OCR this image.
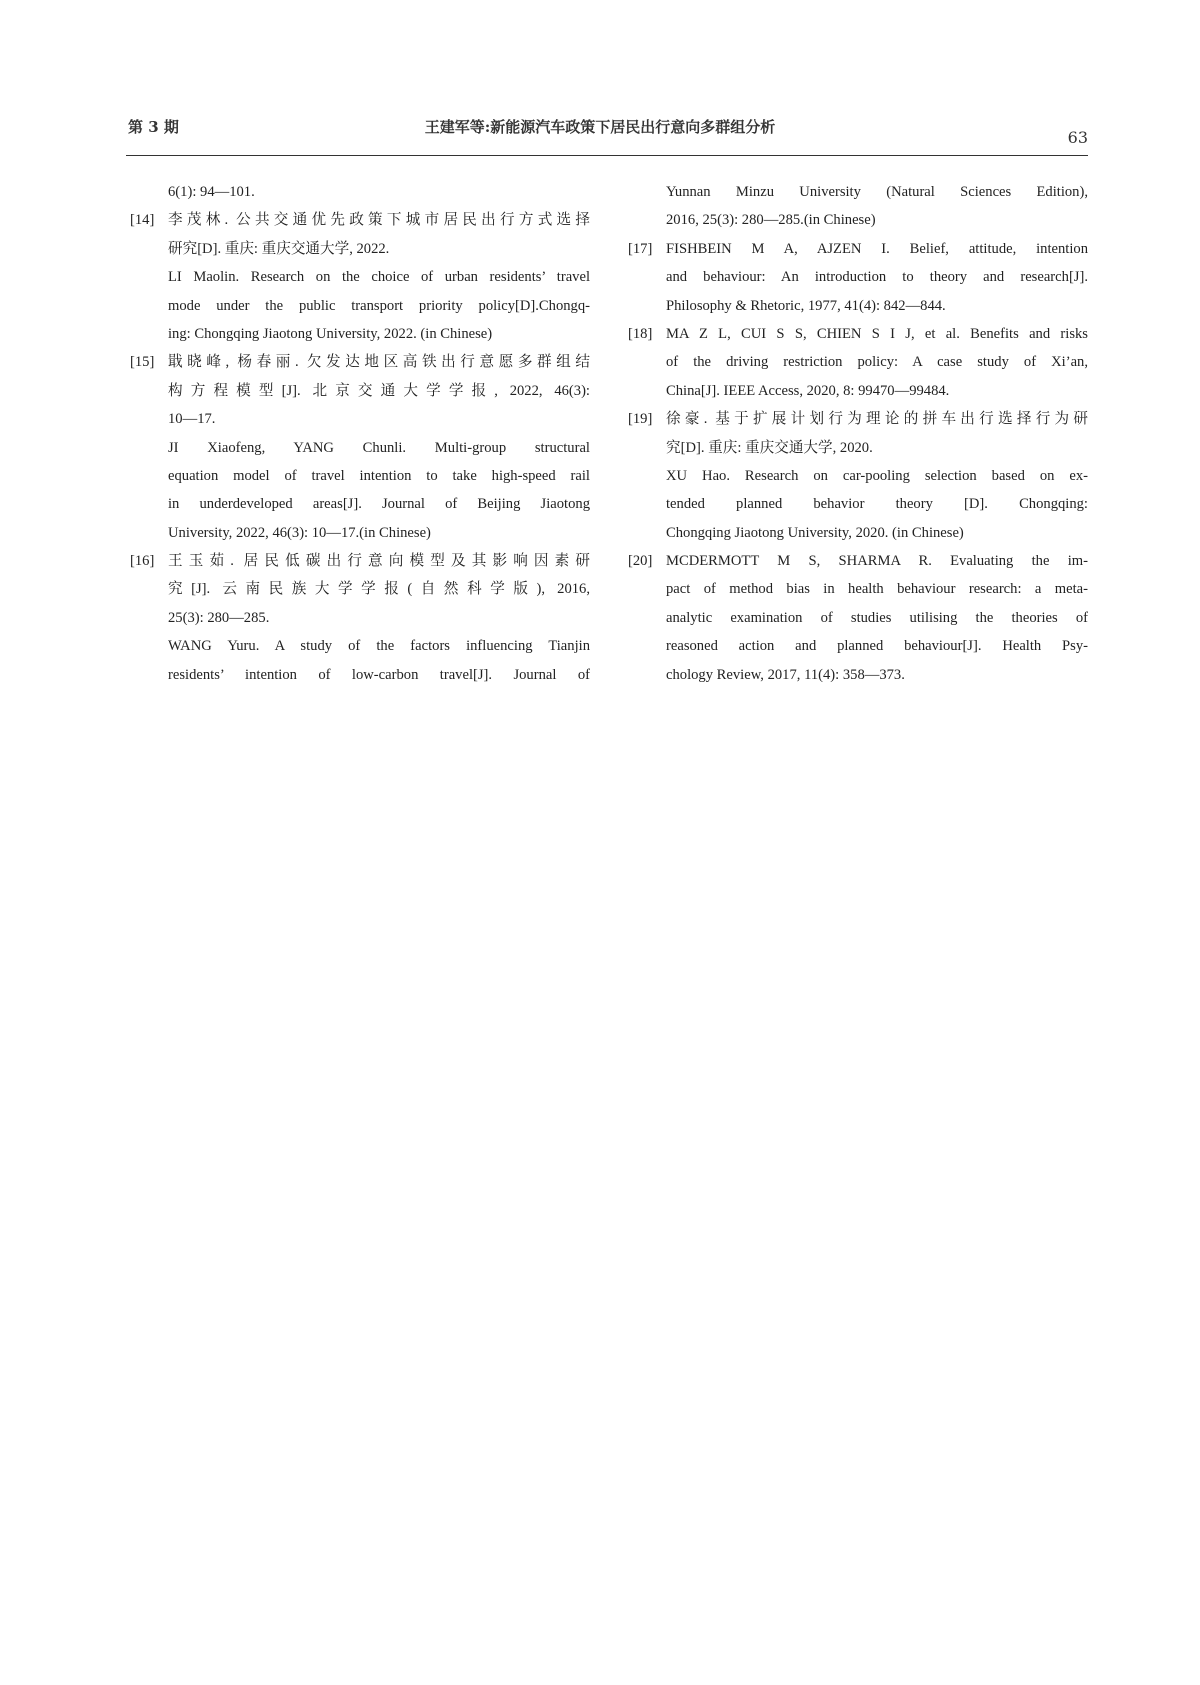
第 3 期	王建军等:新能源汽车政策下居民出行意向多群组分析
63
6(1): 94—101.
[14] 李茂林. 公共交通优先政策下城市居民出行方式选择
研究[D]. 重庆: 重庆交通大学, 2022.
LI Maolin. Research on the choice of urban residents’ travel
mode under the public transport priority policy[D].Chongq-
ing: Chongqing Jiaotong University, 2022. (in Chinese)
[15] 戢晓峰, 杨春丽. 欠发达地区高铁出行意愿多群组结
构方程模型[J]. 北京交通大学学报, 2022, 46(3):
10—17.
JI Xiaofeng, YANG Chunli. Multi-group structural
equation model of travel intention to take high-speed rail
in underdeveloped areas[J]. Journal of Beijing Jiaotong
University, 2022, 46(3): 10—17.(in Chinese)
[16] 王玉茹. 居民低碳出行意向模型及其影响因素研
究[J]. 云南民族大学学报(自然科学版), 2016,
25(3): 280—285.
WANG Yuru. A study of the factors influencing Tianjin
residents’ intention of low-carbon travel[J]. Journal of
Yunnan Minzu University (Natural Sciences Edition),
2016, 25(3): 280—285.(in Chinese)
[17] FISHBEIN M A, AJZEN I. Belief, attitude, intention
and behaviour: An introduction to theory and research[J].
Philosophy & Rhetoric, 1977, 41(4): 842—844.
[18] MA Z L, CUI S S, CHIEN S I J, et al. Benefits and risks
of the driving restriction policy: A case study of Xi’an,
China[J]. IEEE Access, 2020, 8: 99470—99484.
[19] 徐豪. 基于扩展计划行为理论的拼车出行选择行为研
究[D]. 重庆: 重庆交通大学, 2020.
XU Hao. Research on car-pooling selection based on ex-
tended planned behavior theory [D]. Chongqing:
Chongqing Jiaotong University, 2020. (in Chinese)
[20] MCDERMOTT M S, SHARMA R. Evaluating the im-
pact of method bias in health behaviour research: a meta-
analytic examination of studies utilising the theories of
reasoned action and planned behaviour[J]. Health Psy-
chology Review, 2017, 11(4): 358—373.
